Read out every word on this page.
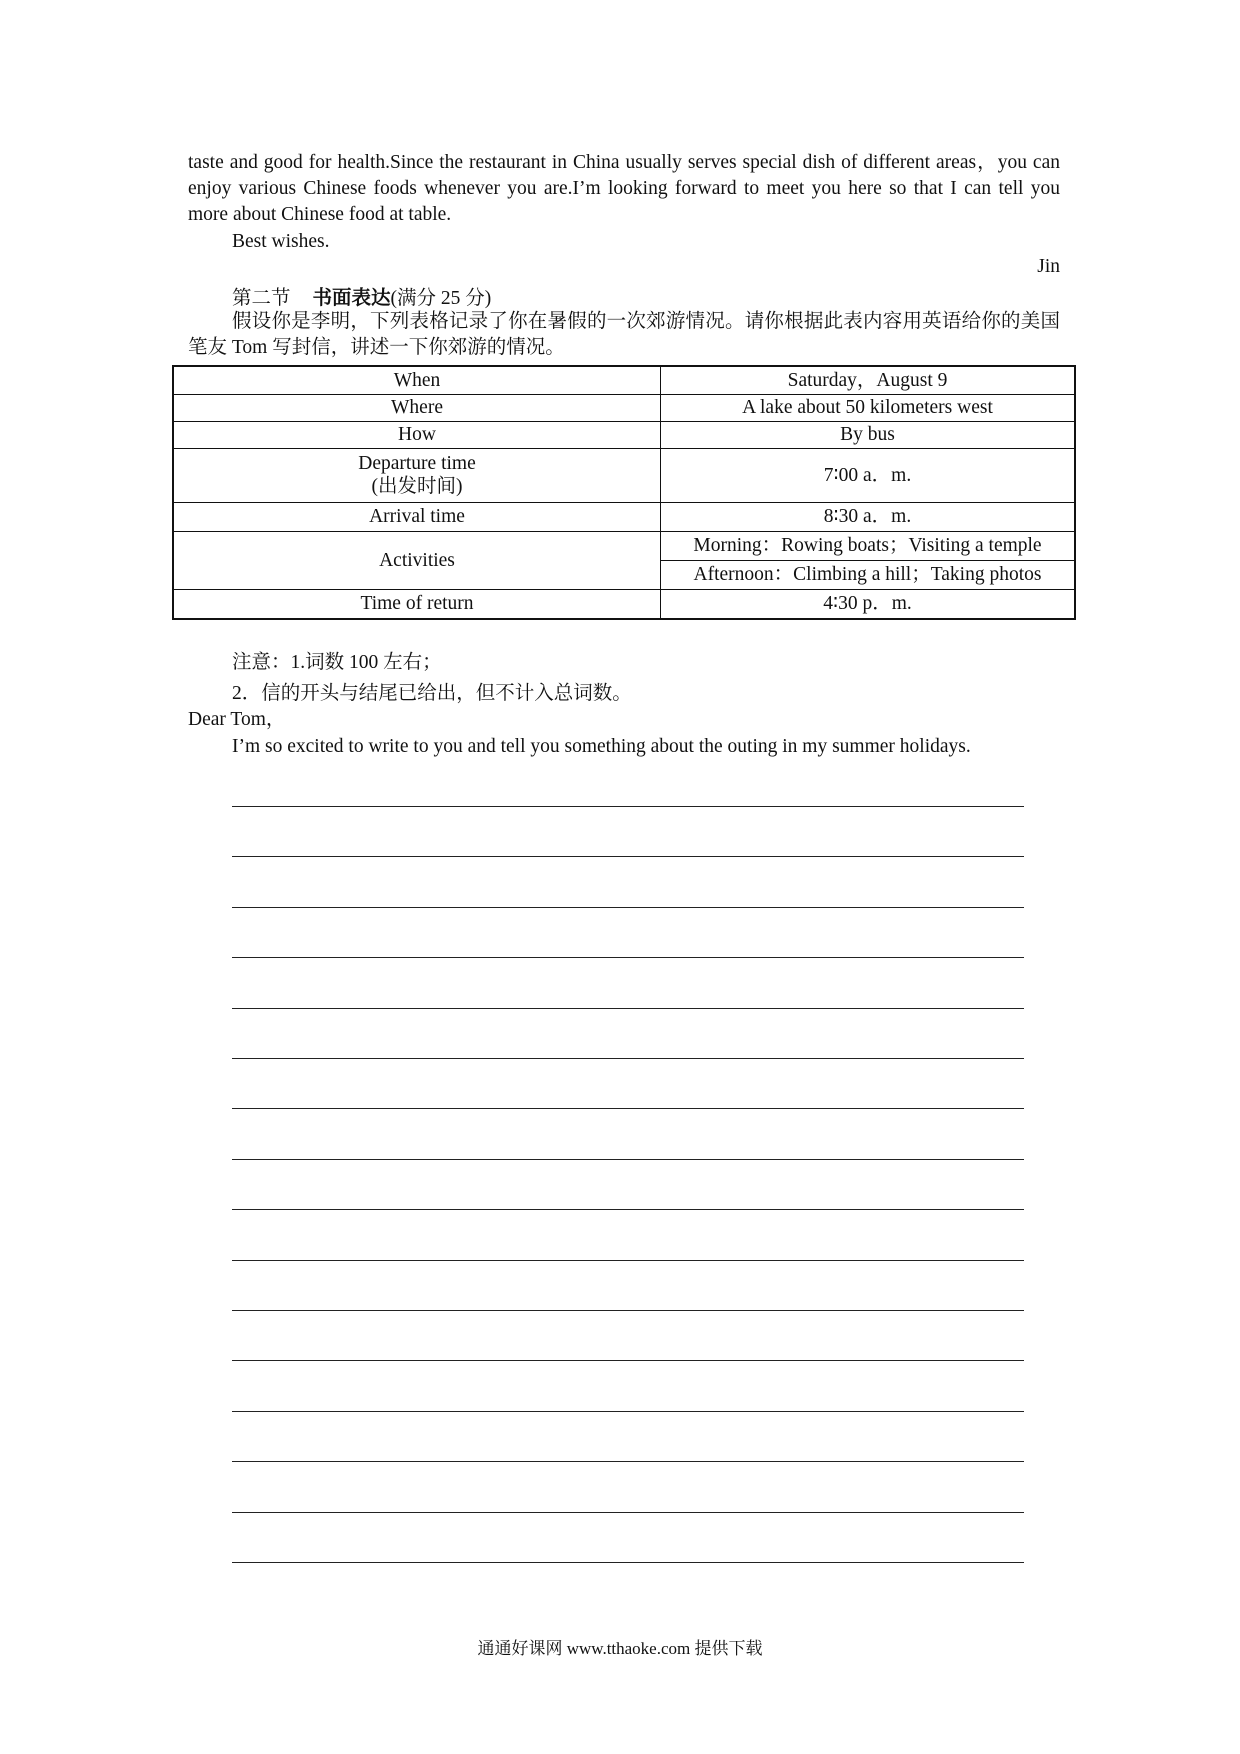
taste and good for health.Since the restaurant in China usually serves special dish of different areas，you can enjoy various Chinese foods whenever you are.I’m looking forward to meet you here so that I can tell you more about Chinese food at table.

Best wishes.

Jin
第二节 书面表达(满分 25 分)

假设你是李明，下列表格记录了你在暑假的一次郊游情况。请你根据此表内容用英语给你的美国笔友 Tom 写封信，讲述一下你郊游的情况。

When	Saturday，August 9
Where	A lake about 50 kilometers west
How	By bus

Departure time
(出发时间)	7∶00 a．m.
Arrival time	8∶30 a．m.
Activities	Morning：Rowing boats；Visiting a temple
	Afternoon：Climbing a hill；Taking photos
Time of return	4∶30 p．m.

注意：1.词数 100 左右；

2．信的开头与结尾已给出，但不计入总词数。

Dear Tom，

I’m so excited to write to you and tell you something about the outing in my summer holidays.

通通好课网 www.tthaoke.com 提供下载
